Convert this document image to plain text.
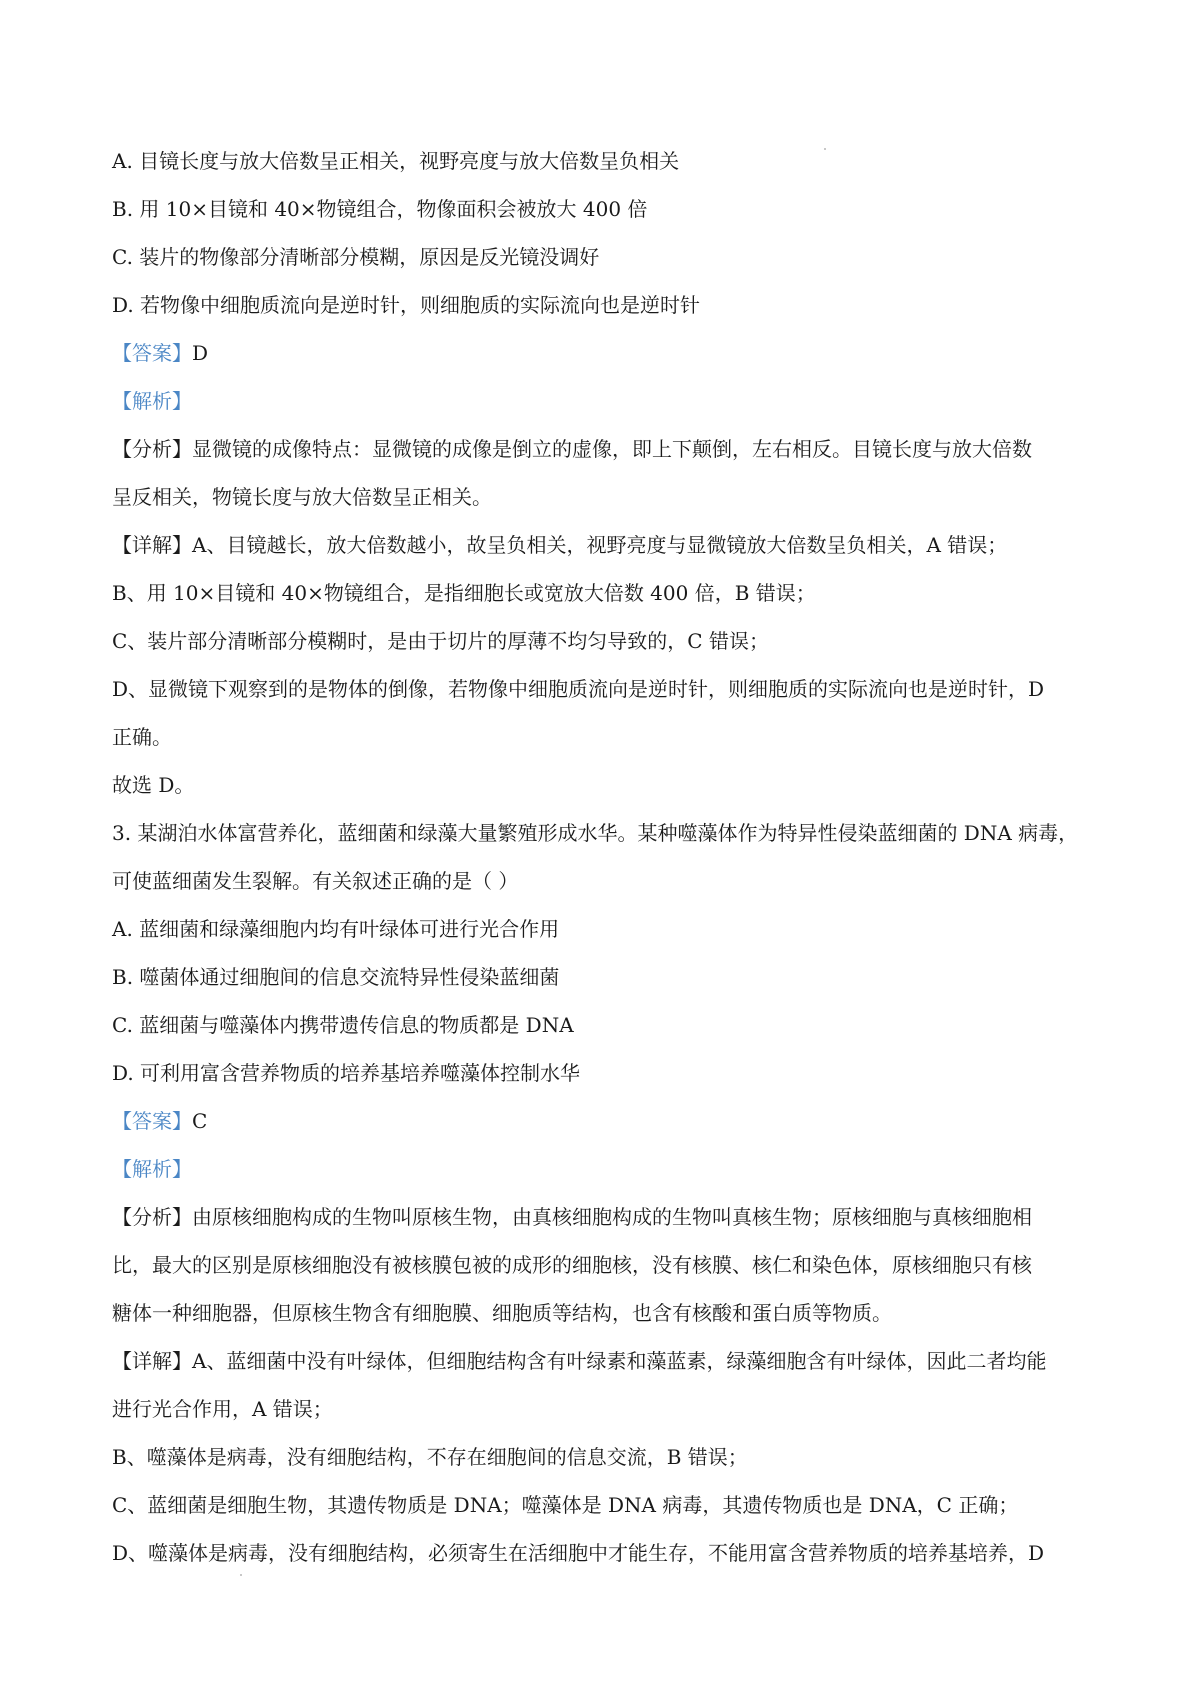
A. 目镜长度与放大倍数呈正相关，视野亮度与放大倍数呈负相关
B. 用 10×目镜和 40×物镜组合，物像面积会被放大 400 倍
C. 装片的物像部分清晰部分模糊，原因是反光镜没调好
D. 若物像中细胞质流向是逆时针，则细胞质的实际流向也是逆时针
【答案】D
【解析】
【分析】显微镜的成像特点：显微镜的成像是倒立的虚像，即上下颠倒，左右相反。目镜长度与放大倍数
呈反相关，物镜长度与放大倍数呈正相关。
【详解】A、目镜越长，放大倍数越小，故呈负相关，视野亮度与显微镜放大倍数呈负相关，A 错误；
B、用 10×目镜和 40×物镜组合，是指细胞长或宽放大倍数 400 倍，B 错误；
C、装片部分清晰部分模糊时，是由于切片的厚薄不均匀导致的，C 错误；
D、显微镜下观察到的是物体的倒像，若物像中细胞质流向是逆时针，则细胞质的实际流向也是逆时针，D
正确。
故选 D。
3. 某湖泊水体富营养化，蓝细菌和绿藻大量繁殖形成水华。某种噬藻体作为特异性侵染蓝细菌的 DNA 病毒，
可使蓝细菌发生裂解。有关叙述正确的是（ ）
A. 蓝细菌和绿藻细胞内均有叶绿体可进行光合作用
B. 噬菌体通过细胞间的信息交流特异性侵染蓝细菌
C. 蓝细菌与噬藻体内携带遗传信息的物质都是 DNA
D. 可利用富含营养物质的培养基培养噬藻体控制水华
【答案】C
【解析】
【分析】由原核细胞构成的生物叫原核生物，由真核细胞构成的生物叫真核生物；原核细胞与真核细胞相
比，最大的区别是原核细胞没有被核膜包被的成形的细胞核，没有核膜、核仁和染色体，原核细胞只有核
糖体一种细胞器，但原核生物含有细胞膜、细胞质等结构，也含有核酸和蛋白质等物质。
【详解】A、蓝细菌中没有叶绿体，但细胞结构含有叶绿素和藻蓝素，绿藻细胞含有叶绿体，因此二者均能
进行光合作用，A 错误；
B、噬藻体是病毒，没有细胞结构，不存在细胞间的信息交流，B 错误；
C、蓝细菌是细胞生物，其遗传物质是 DNA；噬藻体是 DNA 病毒，其遗传物质也是 DNA，C 正确；
D、噬藻体是病毒，没有细胞结构，必须寄生在活细胞中才能生存，不能用富含营养物质的培养基培养，D
